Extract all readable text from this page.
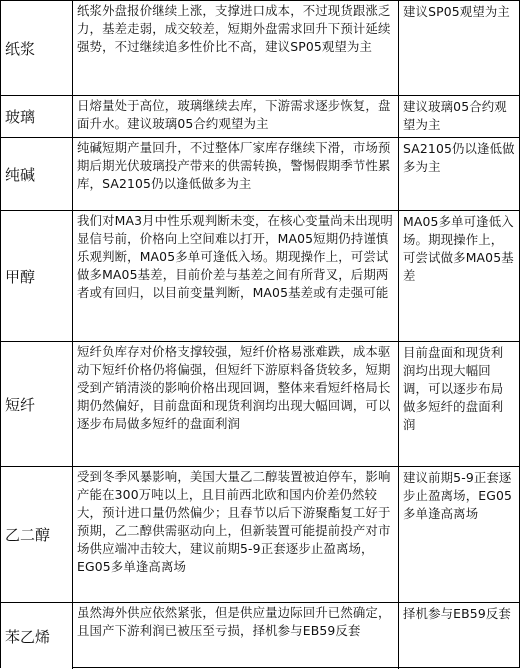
纸浆
纸浆外盘报价继续上涨，支撑进口成本，不过现货跟涨乏力，基差走弱，成交较差，短期外盘需求回升下预计延续强势，不过继续追多性价比不高，建议SP05观望为主
建议SP05观望为主
玻璃
日熔量处于高位，玻璃继续去库，下游需求逐步恢复，盘面升水。建议玻璃05合约观望为主
建议玻璃05合约观望为主
纯碱
纯碱短期产量回升，不过整体厂家库存继续下滑，市场预期后期光伏玻璃投产带来的供需转换，警惕假期季节性累库，SA2105仍以逢低做多为主
SA2105仍以逢低做多为主
甲醇
我们对MA3月中性乐观判断未变，在核心变量尚未出现明显信号前，价格向上空间难以打开，MA05短期仍持谨慎乐观判断，MA05多单可逢低入场。期现操作上，可尝试做多MA05基差，目前价差与基差之间有所背叉，后期两者或有回归，以目前变量判断，MA05基差或有走强可能
MA05多单可逢低入场。期现操作上，可尝试做多MA05基差
短纤
短纤负库存对价格支撑较强，短纤价格易涨难跌，成本驱动下短纤价格仍将偏强，但短纤下游原料备货较多，短期受到产销清淡的影响价格出现回调，整体来看短纤格局长期仍然偏好，目前盘面和现货利润均出现大幅回调，可以逐步布局做多短纤的盘面利润
目前盘面和现货利润均出现大幅回调，可以逐步布局做多短纤的盘面利润
乙二醇
受到冬季风暴影响，美国大量乙二醇装置被迫停车，影响产能在300万吨以上，且目前西北欧和国内价差仍然较大，预计进口量仍然偏少；且春节以后下游聚酯复工好于预期，乙二醇供需驱动向上，但新装置可能提前投产对市场供应端冲击较大，建议前期5-9正套逐步止盈离场，EG05多单逢高离场
建议前期5-9正套逐步止盈离场，EG05多单逢高离场
苯乙烯
虽然海外供应依然紧张，但是供应量边际回升已然确定，且国产下游利润已被压至亏损，择机参与EB59反套
择机参与EB59反套
